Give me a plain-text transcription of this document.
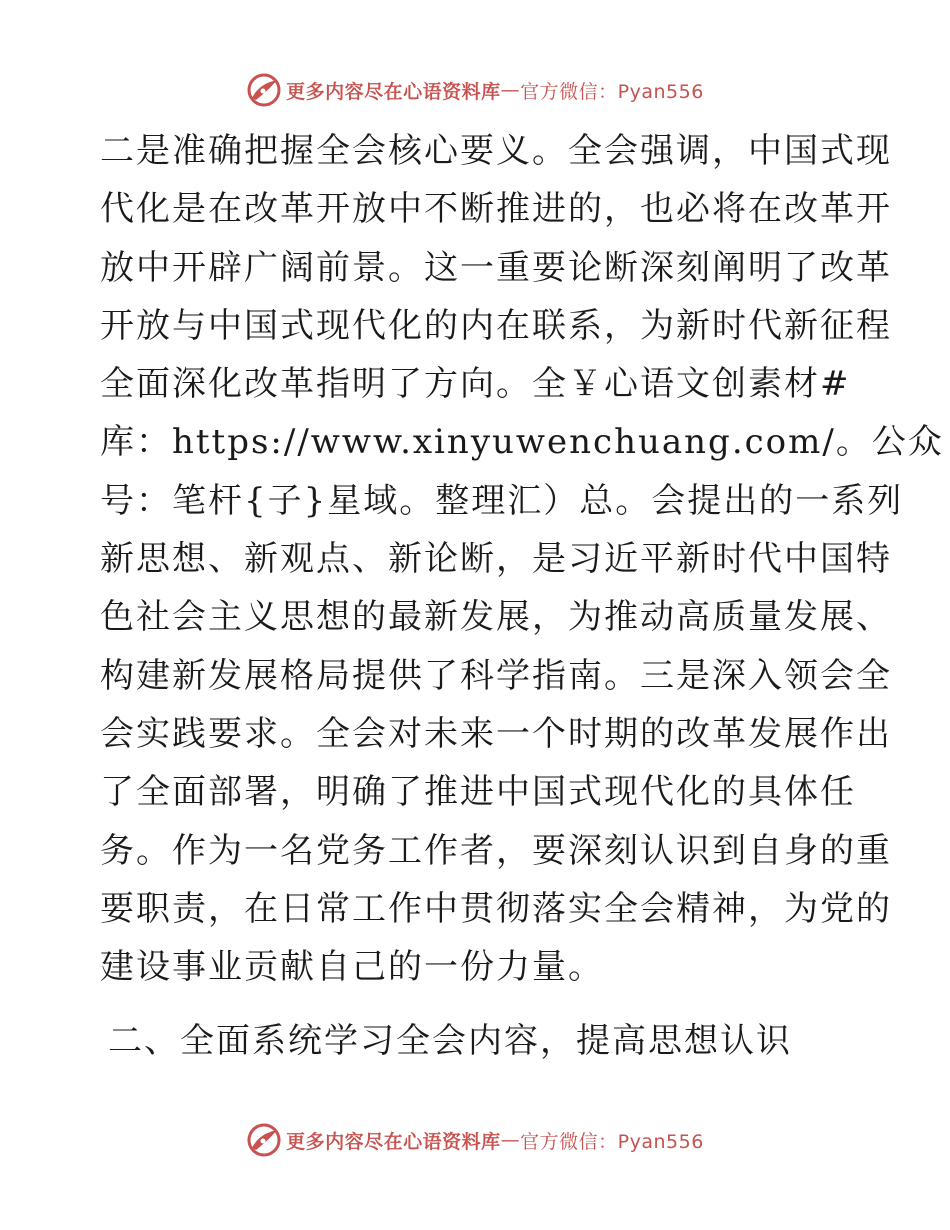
更多内容尽在心语资料库 — 官方微信：Pyan556
二是准确把握全会核心要义。全会强调，中国式现
代化是在改革开放中不断推进的，也必将在改革开
放中开辟广阔前景。这一重要论断深刻阐明了改革
开放与中国式现代化的内在联系，为新时代新征程
全面深化改革指明了方向。全￥心语文创素材#
库：https://www.xinyuwenchuang.com/。公众
号：笔杆{子}星域。整理汇）总。会提出的一系列
新思想、新观点、新论断，是习近平新时代中国特
色社会主义思想的最新发展，为推动高质量发展、
构建新发展格局提供了科学指南。三是深入领会全
会实践要求。全会对未来一个时期的改革发展作出
了全面部署，明确了推进中国式现代化的具体任
务。作为一名党务工作者，要深刻认识到自身的重
要职责，在日常工作中贯彻落实全会精神，为党的
建设事业贡献自己的一份力量。
二、全面系统学习全会内容，提高思想认识
更多内容尽在心语资料库 — 官方微信：Pyan556
